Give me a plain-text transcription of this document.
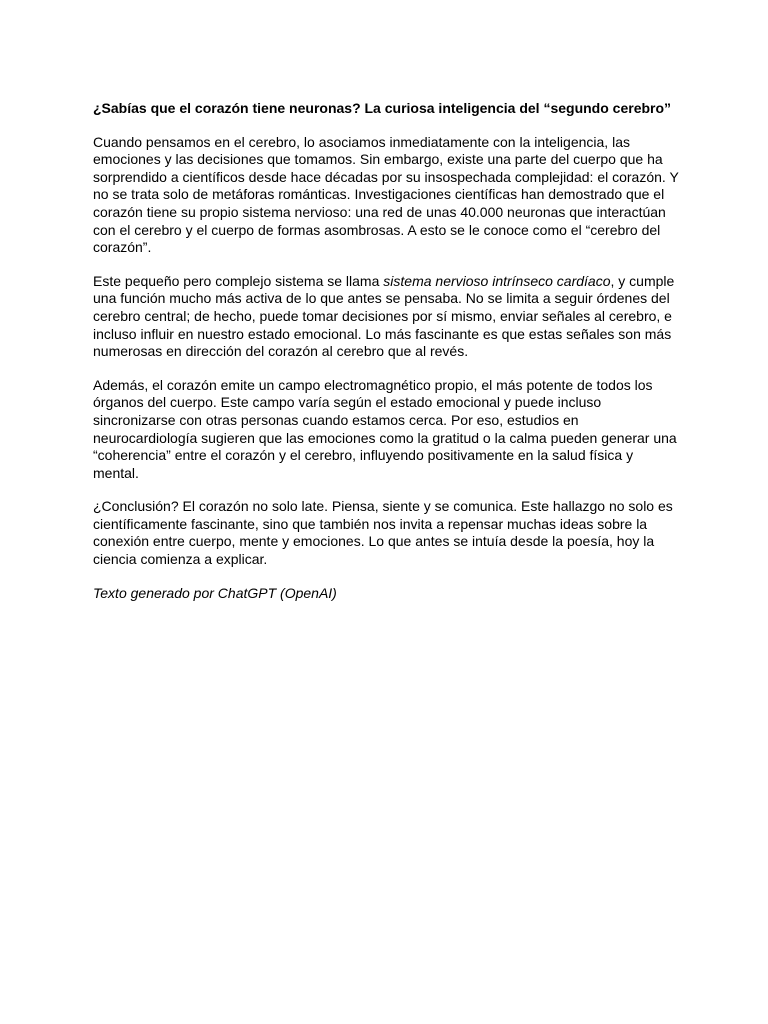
¿Sabías que el corazón tiene neuronas? La curiosa inteligencia del “segundo cerebro”

Cuando pensamos en el cerebro, lo asociamos inmediatamente con la inteligencia, las emociones y las decisiones que tomamos. Sin embargo, existe una parte del cuerpo que ha sorprendido a científicos desde hace décadas por su insospechada complejidad: el corazón. Y no se trata solo de metáforas románticas. Investigaciones científicas han demostrado que el corazón tiene su propio sistema nervioso: una red de unas 40.000 neuronas que interactúan con el cerebro y el cuerpo de formas asombrosas. A esto se le conoce como el “cerebro del corazón”.

Este pequeño pero complejo sistema se llama sistema nervioso intrínseco cardíaco, y cumple una función mucho más activa de lo que antes se pensaba. No se limita a seguir órdenes del cerebro central; de hecho, puede tomar decisiones por sí mismo, enviar señales al cerebro, e incluso influir en nuestro estado emocional. Lo más fascinante es que estas señales son más numerosas en dirección del corazón al cerebro que al revés.

Además, el corazón emite un campo electromagnético propio, el más potente de todos los órganos del cuerpo. Este campo varía según el estado emocional y puede incluso sincronizarse con otras personas cuando estamos cerca. Por eso, estudios en neurocardiología sugieren que las emociones como la gratitud o la calma pueden generar una “coherencia” entre el corazón y el cerebro, influyendo positivamente en la salud física y mental.

¿Conclusión? El corazón no solo late. Piensa, siente y se comunica. Este hallazgo no solo es científicamente fascinante, sino que también nos invita a repensar muchas ideas sobre la conexión entre cuerpo, mente y emociones. Lo que antes se intuía desde la poesía, hoy la ciencia comienza a explicar.

Texto generado por ChatGPT (OpenAI)
